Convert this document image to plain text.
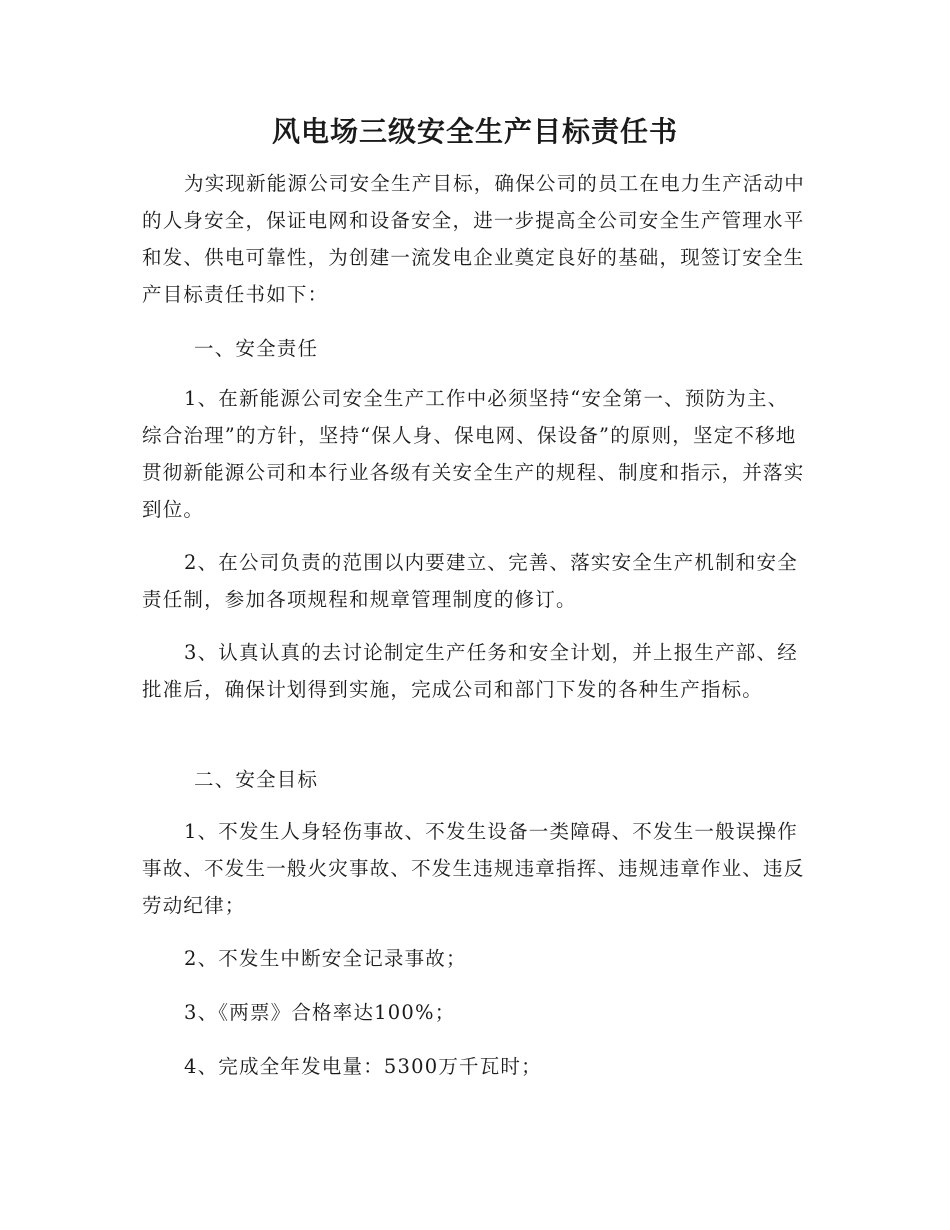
风电场三级安全生产目标责任书

为实现新能源公司安全生产目标，确保公司的员工在电力生产活动中的人身安全，保证电网和设备安全，进一步提高全公司安全生产管理水平和发、供电可靠性，为创建一流发电企业奠定良好的基础，现签订安全生产目标责任书如下：

一、安全责任

1、在新能源公司安全生产工作中必须坚持“安全第一、预防为主、综合治理”的方针，坚持“保人身、保电网、保设备”的原则，坚定不移地贯彻新能源公司和本行业各级有关安全生产的规程、制度和指示，并落实到位。

2、在公司负责的范围以内要建立、完善、落实安全生产机制和安全责任制，参加各项规程和规章管理制度的修订。

3、认真认真的去讨论制定生产任务和安全计划，并上报生产部、经批准后，确保计划得到实施，完成公司和部门下发的各种生产指标。

二、安全目标

1、不发生人身轻伤事故、不发生设备一类障碍、不发生一般误操作事故、不发生一般火灾事故、不发生违规违章指挥、违规违章作业、违反劳动纪律；

2、不发生中断安全记录事故；

3、《两票》合格率达100%；

4、完成全年发电量：5300万千瓦时；
